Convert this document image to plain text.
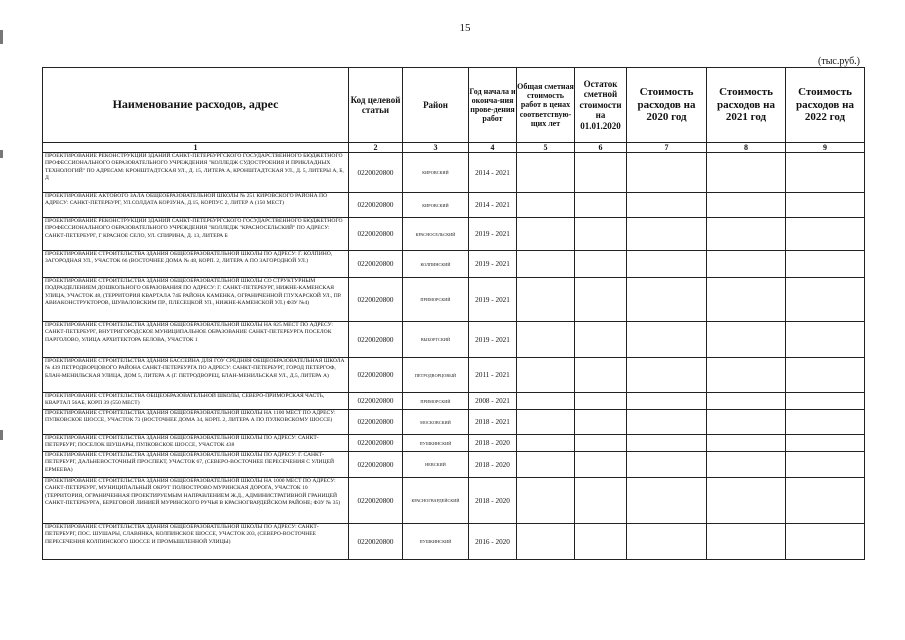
15
(тыс.руб.)
Наименование расходов, адрес	Код целевой статьи	Район	Год начала и оконча-ния прове-дения работ	Общая сметная стоимость работ в ценах соответствую-щих лет	Остаток сметной стоимости на 01.01.2020	Стоимость расходов на 2020 год	Стоимость расходов на 2021 год	Стоимость расходов на 2022 год
1	2	3	4	5	6	7	8	9
ПРОЕКТИРОВАНИЕ РЕКОНСТРУКЦИИ ЗДАНИЙ САНКТ-ПЕТЕРБУРГСКОГО ГОСУДАРСТВЕННОГО БЮДЖЕТНОГО ПРОФЕССИОНАЛЬНОГО ОБРАЗОВАТЕЛЬНОГО УЧРЕЖДЕНИЯ "КОЛЛЕДЖ СУДОСТРОЕНИЯ И ПРИКЛАДНЫХ ТЕХНОЛОГИЙ" ПО АДРЕСАМ: КРОНШТАДТСКАЯ УЛ., Д. 15, ЛИТЕРА А, КРОНШТАДТСКАЯ УЛ., Д. 5, ЛИТЕРЫ А, Б, Д	0220020800	КИРОВСКИЙ	2014 - 2021					
ПРОЕКТИРОВАНИЕ АКТОВОГО ЗАЛА ОБЩЕОБРАЗОВАТЕЛЬНОЙ ШКОЛЫ № 251 КИРОВСКОГО РАЙОНА ПО АДРЕСУ: САНКТ-ПЕТЕРБУРГ, УЛ.СОЛДАТА КОРЗУНА, Д.15, КОРПУС 2, ЛИТЕР А (150 МЕСТ)	0220020800	КИРОВСКИЙ	2014 - 2021					
ПРОЕКТИРОВАНИЕ РЕКОНСТРУКЦИИ ЗДАНИЙ САНКТ-ПЕТЕРБУРГСКОГО ГОСУДАРСТВЕННОГО БЮДЖЕТНОГО ПРОФЕССИОНАЛЬНОГО ОБРАЗОВАТЕЛЬНОГО УЧРЕЖДЕНИЯ "КОЛЛЕДЖ "КРАСНОСЕЛЬСКИЙ" ПО АДРЕСУ: САНКТ-ПЕТЕРБУРГ, Г КРАСНОЕ СЕЛО, УЛ. СПИРИНА, Д. 13, ЛИТЕРА Б	0220020800	КРАСНОСЕЛЬСКИЙ	2019 - 2021					
ПРОЕКТИРОВАНИЕ СТРОИТЕЛЬСТВА ЗДАНИЯ ОБЩЕОБРАЗОВАТЕЛЬНОЙ ШКОЛЫ ПО АДРЕСУ: Г. КОЛПИНО, ЗАГОРОДНАЯ УЛ., УЧАСТОК 66 (ВОСТОЧНЕЕ ДОМА № 48, КОРП. 2, ЛИТЕРА А ПО ЗАГОРОДНОЙ УЛ.)	0220020800	КОЛПИНСКИЙ	2019 - 2021					
ПРОЕКТИРОВАНИЕ СТРОИТЕЛЬСТВА ЗДАНИЯ ОБЩЕОБРАЗОВАТЕЛЬНОЙ ШКОЛЫ СО СТРУКТУРНЫМ ПОДРАЗДЕЛЕНИЕМ ДОШКОЛЬНОГО ОБРАЗОВАНИЯ ПО АДРЕСУ: Г. САНКТ-ПЕТЕРБУРГ, НИЖНЕ-КАМЕНСКАЯ УЛИЦА, УЧАСТОК 48, (ТЕРРИТОРИЯ КВАРТАЛА 74Б РАЙОНА КАМЕНКА, ОГРАНИЧЕННОЙ ГЛУХАРСКОЙ УЛ., ПР. АВИАКОНСТРУКТОРОВ, ШУВАЛОВСКИМ ПР., ПЛЕСЕЦКОЙ УЛ., НИЖНЕ-КАМЕНСКОЙ УЛ.) ФЗУ №4)	0220020800	ПРИМОРСКИЙ	2019 - 2021					
ПРОЕКТИРОВАНИЕ СТРОИТЕЛЬСТВА ЗДАНИЯ ОБЩЕОБРАЗОВАТЕЛЬНОЙ ШКОЛЫ НА 825 МЕСТ ПО АДРЕСУ: САНКТ-ПЕТЕРБУРГ, ВНУТРИГОРОДСКОЕ МУНИЦИПАЛЬНОЕ ОБРАЗОВАНИЕ САНКТ-ПЕТЕРБУРГА ПОСЕЛОК ПАРГОЛОВО, УЛИЦА АРХИТЕКТОРА БЕЛОВА, УЧАСТОК 1	0220020800	ВЫБОРГСКИЙ	2019 - 2021					
ПРОЕКТИРОВАНИЕ СТРОИТЕЛЬСТВА ЗДАНИЯ БАССЕЙНА ДЛЯ ГОУ СРЕДНЯЯ ОБЩЕОБРАЗОВАТЕЛЬНАЯ ШКОЛА № 439 ПЕТРОДВОРЦОВОГО РАЙОНА САНКТ-ПЕТЕРБУРГА ПО АДРЕСУ: САНКТ-ПЕТЕРБУРГ, ГОРОД ПЕТЕРГОФ, БЛАН-МЕНИЛЬСКАЯ УЛИЦА, ДОМ 5, ЛИТЕРА А (Г. ПЕТРОДВОРЕЦ, БЛАН-МЕНИЛЬСКАЯ УЛ., Д.5, ЛИТЕРА А)	0220020800	ПЕТРОДВОРЦОВЫЙ	2011 - 2021					
ПРОЕКТИРОВАНИЕ СТРОИТЕЛЬСТВА ОБЩЕОБРАЗОВАТЕЛЬНОЙ ШКОЛЫ, СЕВЕРО-ПРИМОРСКАЯ ЧАСТЬ, КВАРТАЛ 56АБ, КОРП 39 (550 МЕСТ)	0220020800	ПРИМОРСКИЙ	2008 - 2021					
ПРОЕКТИРОВАНИЕ СТРОИТЕЛЬСТВА ЗДАНИЯ ОБЩЕОБРАЗОВАТЕЛЬНОЙ ШКОЛЫ НА 1100 МЕСТ ПО АДРЕСУ: ПУЛКОВСКОЕ ШОССЕ, УЧАСТОК 73 (ВОСТОЧНЕЕ ДОМА 34, КОРП. 2, ЛИТЕРА А ПО ПУЛКОВСКОМУ ШОССЕ)	0220020800	МОСКОВСКИЙ	2018 - 2021					
ПРОЕКТИРОВАНИЕ СТРОИТЕЛЬСТВА ЗДАНИЯ ОБЩЕОБРАЗОВАТЕЛЬНОЙ ШКОЛЫ ПО АДРЕСУ: САНКТ-ПЕТЕРБУРГ, ПОСЕЛОК ШУШАРЫ, ПУЛКОВСКОЕ ШОССЕ, УЧАСТОК 438	0220020800	ПУШКИНСКИЙ	2018 - 2020					
ПРОЕКТИРОВАНИЕ СТРОИТЕЛЬСТВА ЗДАНИЯ ОБЩЕОБРАЗОВАТЕЛЬНОЙ ШКОЛЫ ПО АДРЕСУ: Г. САНКТ-ПЕТЕРБУРГ, ДАЛЬНЕВОСТОЧНЫЙ ПРОСПЕКТ, УЧАСТОК 67, (СЕВЕРО-ВОСТОЧНЕЕ ПЕРЕСЕЧЕНИЯ С УЛИЦЕЙ ЕРМЕЕВА)	0220020800	НЕВСКИЙ	2018 - 2020					
ПРОЕКТИРОВАНИЕ СТРОИТЕЛЬСТВА ЗДАНИЯ ОБЩЕОБРАЗОВАТЕЛЬНОЙ ШКОЛЫ НА 1000 МЕСТ ПО АДРЕСУ: САНКТ-ПЕТЕРБУРГ, МУНИЦИПАЛЬНЫЙ ОКРУГ ПОЛЮСТРОВО МУРИНСКАЯ ДОРОГА, УЧАСТОК 10 (ТЕРРИТОРИЯ, ОГРАНИЧЕННАЯ ПРОЕКТИРУЕМЫМ НАПРАВЛЕНИЕМ Ж.Д., АДМИНИСТРАТИВНОЙ ГРАНИЦЕЙ САНКТ-ПЕТЕРБУРГА, БЕРЕГОВОЙ ЛИНИЕЙ МУРИНСКОГО РУЧЬЯ В КРАСНОГВАРДЕЙСКОМ РАЙОНЕ; ФЗУ № 35)	0220020800	КРАСНОГВАРДЕЙСКИЙ	2018 - 2020					
ПРОЕКТИРОВАНИЕ СТРОИТЕЛЬСТВА ЗДАНИЯ ОБЩЕОБРАЗОВАТЕЛЬНОЙ ШКОЛЫ ПО АДРЕСУ: САНКТ-ПЕТЕРБУРГ, ПОС. ШУШАРЫ, СЛАВЯНКА, КОЛПИНСКОЕ ШОССЕ, УЧАСТОК 203, (СЕВЕРО-ВОСТОЧНЕЕ ПЕРЕСЕЧЕНИЯ КОЛПИНСКОГО ШОССЕ И ПРОМЫШЛЕННОЙ УЛИЦЫ)	0220020800	ПУШКИНСКИЙ	2016 - 2020					
